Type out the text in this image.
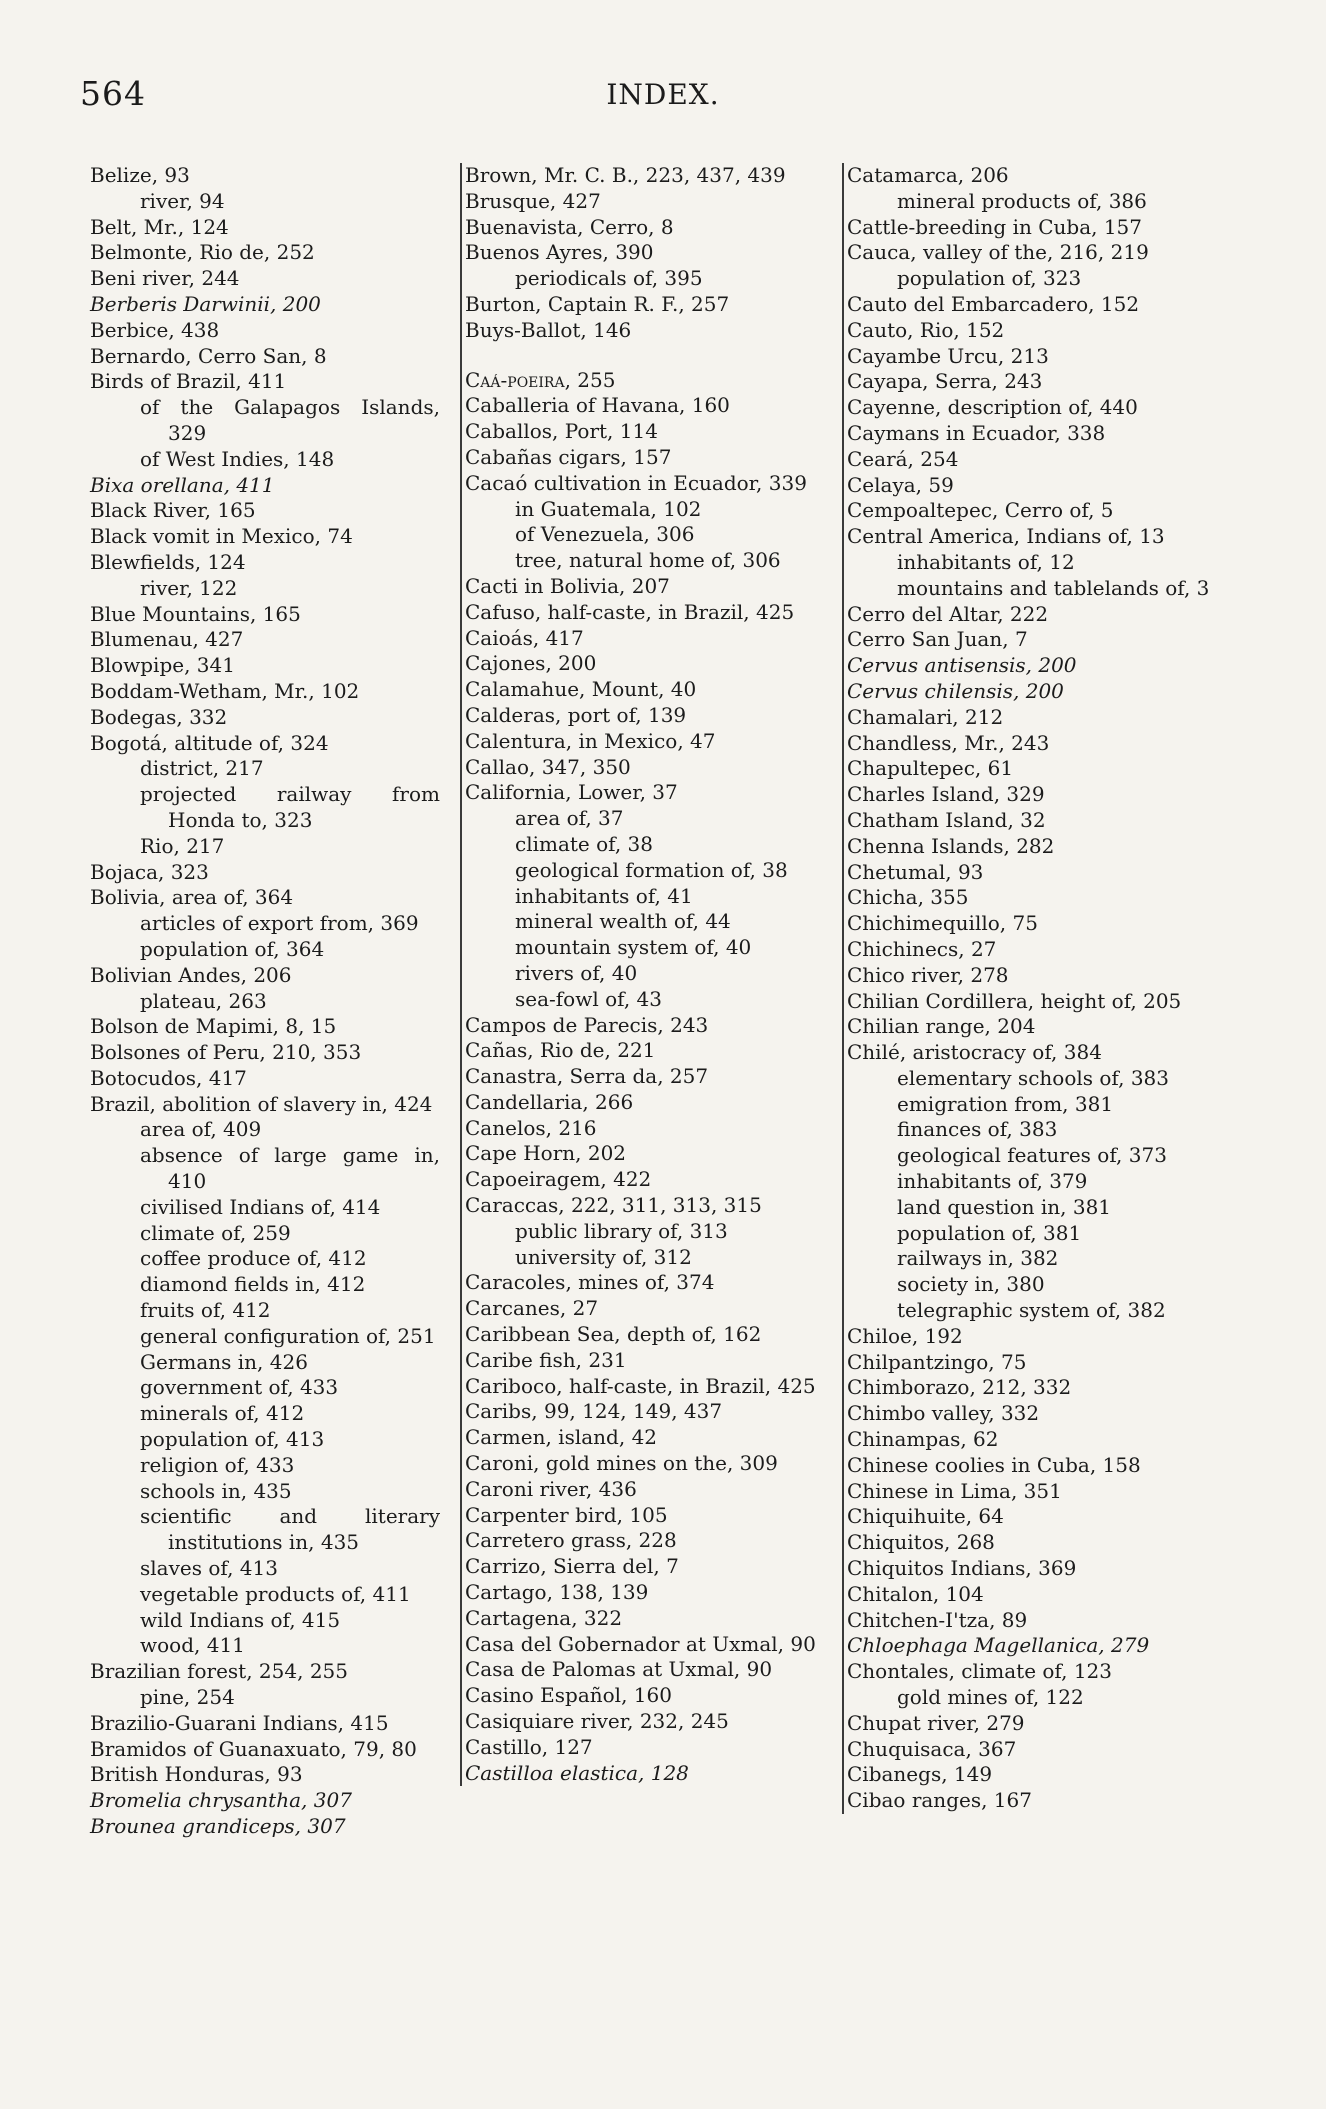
564	INDEX.
Belize, 93
river, 94
Belt, Mr., 124
Belmonte, Rio de, 252
Beni river, 244
Berberis Darwinii, 200
Berbice, 438
Bernardo, Cerro San, 8
Birds of Brazil, 411
of the Galapagos Islands, 329
of West Indies, 148
Bixa orellana, 411
Black River, 165
Black vomit in Mexico, 74
Blewfields, 124
river, 122
Blue Mountains, 165
Blumenau, 427
Blowpipe, 341
Boddam-Wetham, Mr., 102
Bodegas, 332
Bogotá, altitude of, 324
district, 217
projected railway from Honda to, 323
Rio, 217
Bojaca, 323
Bolivia, area of, 364
articles of export from, 369
population of, 364
Bolivian Andes, 206
plateau, 263
Bolson de Mapimi, 8, 15
Bolsones of Peru, 210, 353
Botocudos, 417
Brazil, abolition of slavery in, 424
area of, 409
absence of large game in, 410
civilised Indians of, 414
climate of, 259
coffee produce of, 412
diamond fields in, 412
fruits of, 412
general configuration of, 251
Germans in, 426
government of, 433
minerals of, 412
population of, 413
religion of, 433
schools in, 435
scientific and literary institutions in, 435
slaves of, 413
vegetable products of, 411
wild Indians of, 415
wood, 411
Brazilian forest, 254, 255
pine, 254
Brazilio-Guarani Indians, 415
Bramidos of Guanaxuato, 79, 80
British Honduras, 93
Bromelia chrysantha, 307
Brounea grandiceps, 307
Brown, Mr. C. B., 223, 437, 439
Brusque, 427
Buenavista, Cerro, 8
Buenos Ayres, 390
periodicals of, 395
Burton, Captain R. F., 257
Buys-Ballot, 146
Caá-poeira, 255
Caballeria of Havana, 160
Caballos, Port, 114
Cabañas cigars, 157
Cacaó cultivation in Ecuador, 339
in Guatemala, 102
of Venezuela, 306
tree, natural home of, 306
Cacti in Bolivia, 207
Cafuso, half-caste, in Brazil, 425
Caioás, 417
Cajones, 200
Calamahue, Mount, 40
Calderas, port of, 139
Calentura, in Mexico, 47
Callao, 347, 350
California, Lower, 37
area of, 37
climate of, 38
geological formation of, 38
inhabitants of, 41
mineral wealth of, 44
mountain system of, 40
rivers of, 40
sea-fowl of, 43
Campos de Parecis, 243
Cañas, Rio de, 221
Canastra, Serra da, 257
Candellaria, 266
Canelos, 216
Cape Horn, 202
Capoeiragem, 422
Caraccas, 222, 311, 313, 315
public library of, 313
university of, 312
Caracoles, mines of, 374
Carcanes, 27
Caribbean Sea, depth of, 162
Caribe fish, 231
Cariboco, half-caste, in Brazil, 425
Caribs, 99, 124, 149, 437
Carmen, island, 42
Caroni, gold mines on the, 309
Caroni river, 436
Carpenter bird, 105
Carretero grass, 228
Carrizo, Sierra del, 7
Cartago, 138, 139
Cartagena, 322
Casa del Gobernador at Uxmal, 90
Casa de Palomas at Uxmal, 90
Casino Español, 160
Casiquiare river, 232, 245
Castillo, 127
Castilloa elastica, 128
Catamarca, 206
mineral products of, 386
Cattle-breeding in Cuba, 157
Cauca, valley of the, 216, 219
population of, 323
Cauto del Embarcadero, 152
Cauto, Rio, 152
Cayambe Urcu, 213
Cayapa, Serra, 243
Cayenne, description of, 440
Caymans in Ecuador, 338
Ceará, 254
Celaya, 59
Cempoaltepec, Cerro of, 5
Central America, Indians of, 13
inhabitants of, 12
mountains and tablelands of, 3
Cerro del Altar, 222
Cerro San Juan, 7
Cervus antisensis, 200
Cervus chilensis, 200
Chamalari, 212
Chandless, Mr., 243
Chapultepec, 61
Charles Island, 329
Chatham Island, 32
Chenna Islands, 282
Chetumal, 93
Chicha, 355
Chichimequillo, 75
Chichinecs, 27
Chico river, 278
Chilian Cordillera, height of, 205
Chilian range, 204
Chilé, aristocracy of, 384
elementary schools of, 383
emigration from, 381
finances of, 383
geological features of, 373
inhabitants of, 379
land question in, 381
population of, 381
railways in, 382
society in, 380
telegraphic system of, 382
Chiloe, 192
Chilpantzingo, 75
Chimborazo, 212, 332
Chimbo valley, 332
Chinampas, 62
Chinese coolies in Cuba, 158
Chinese in Lima, 351
Chiquihuite, 64
Chiquitos, 268
Chiquitos Indians, 369
Chitalon, 104
Chitchen-I'tza, 89
Chloephaga Magellanica, 279
Chontales, climate of, 123
gold mines of, 122
Chupat river, 279
Chuquisaca, 367
Cibanegs, 149
Cibao ranges, 167
